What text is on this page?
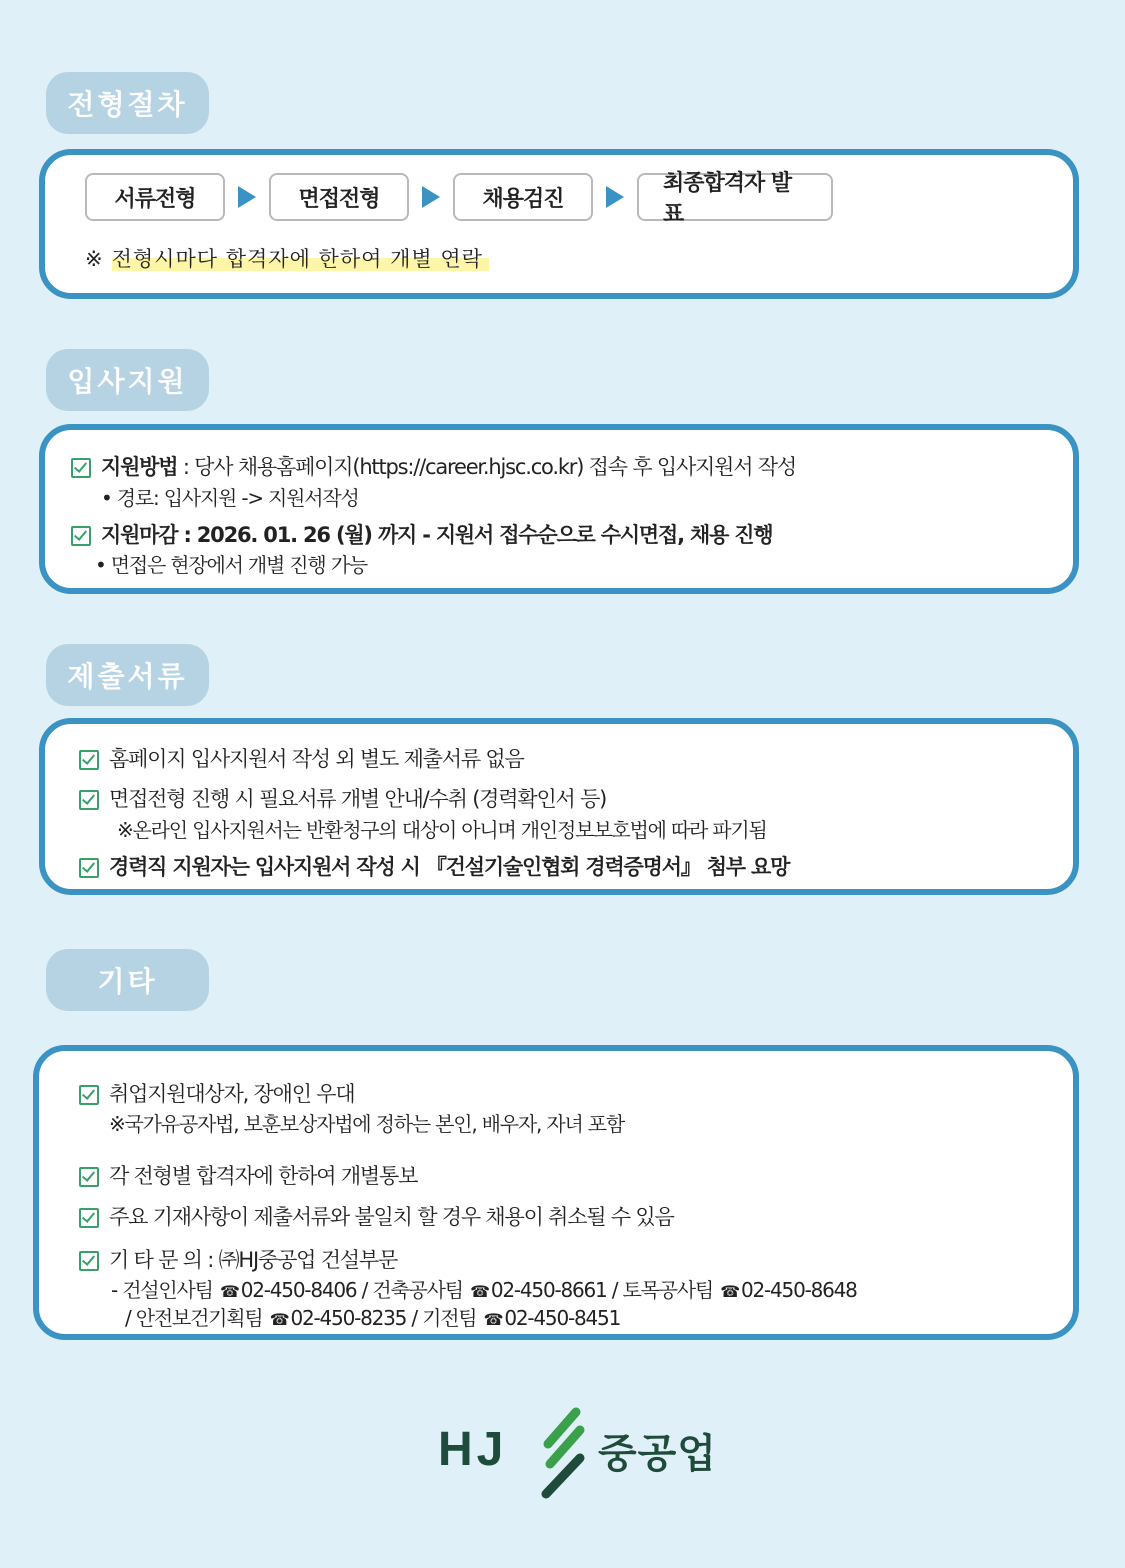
전형절차
서류전형	면접전형	채용검진
최종합격자 발표
※ 전형시마다 합격자에 한하여 개별 연락
입사지원
지원방법 : 당사 채용홈페이지(https://career.hjsc.co.kr) 접속 후 입사지원서 작성
• 경로: 입사지원 -> 지원서작성
지원마감 : 2026. 01. 26 (월) 까지 - 지원서 접수순으로 수시면접, 채용 진행
• 면접은 현장에서 개별 진행 가능
제출서류
홈페이지 입사지원서 작성 외 별도 제출서류 없음
면접전형 진행 시 필요서류 개별 안내/수취 (경력확인서 등)
※온라인 입사지원서는 반환청구의 대상이 아니며 개인정보보호법에 따라 파기됨
경력직 지원자는 입사지원서 작성 시 『건설기술인협회 경력증명서』 첨부 요망
기타
취업지원대상자, 장애인 우대
※국가유공자법, 보훈보상자법에 정하는 본인, 배우자, 자녀 포함
각 전형별 합격자에 한하여 개별통보
주요 기재사항이 제출서류와 불일치 할 경우 채용이 취소될 수 있음
기 타 문 의 : ㈜HJ중공업 건설부문
- 건설인사팀 ☎ 02-450-8406 / 건축공사팀 ☎ 02-450-8661 / 토목공사팀 ☎ 02-450-8648
/ 안전보건기획팀 ☎ 02-450-8235 / 기전팀 ☎ 02-450-8451
HJ 중공업
